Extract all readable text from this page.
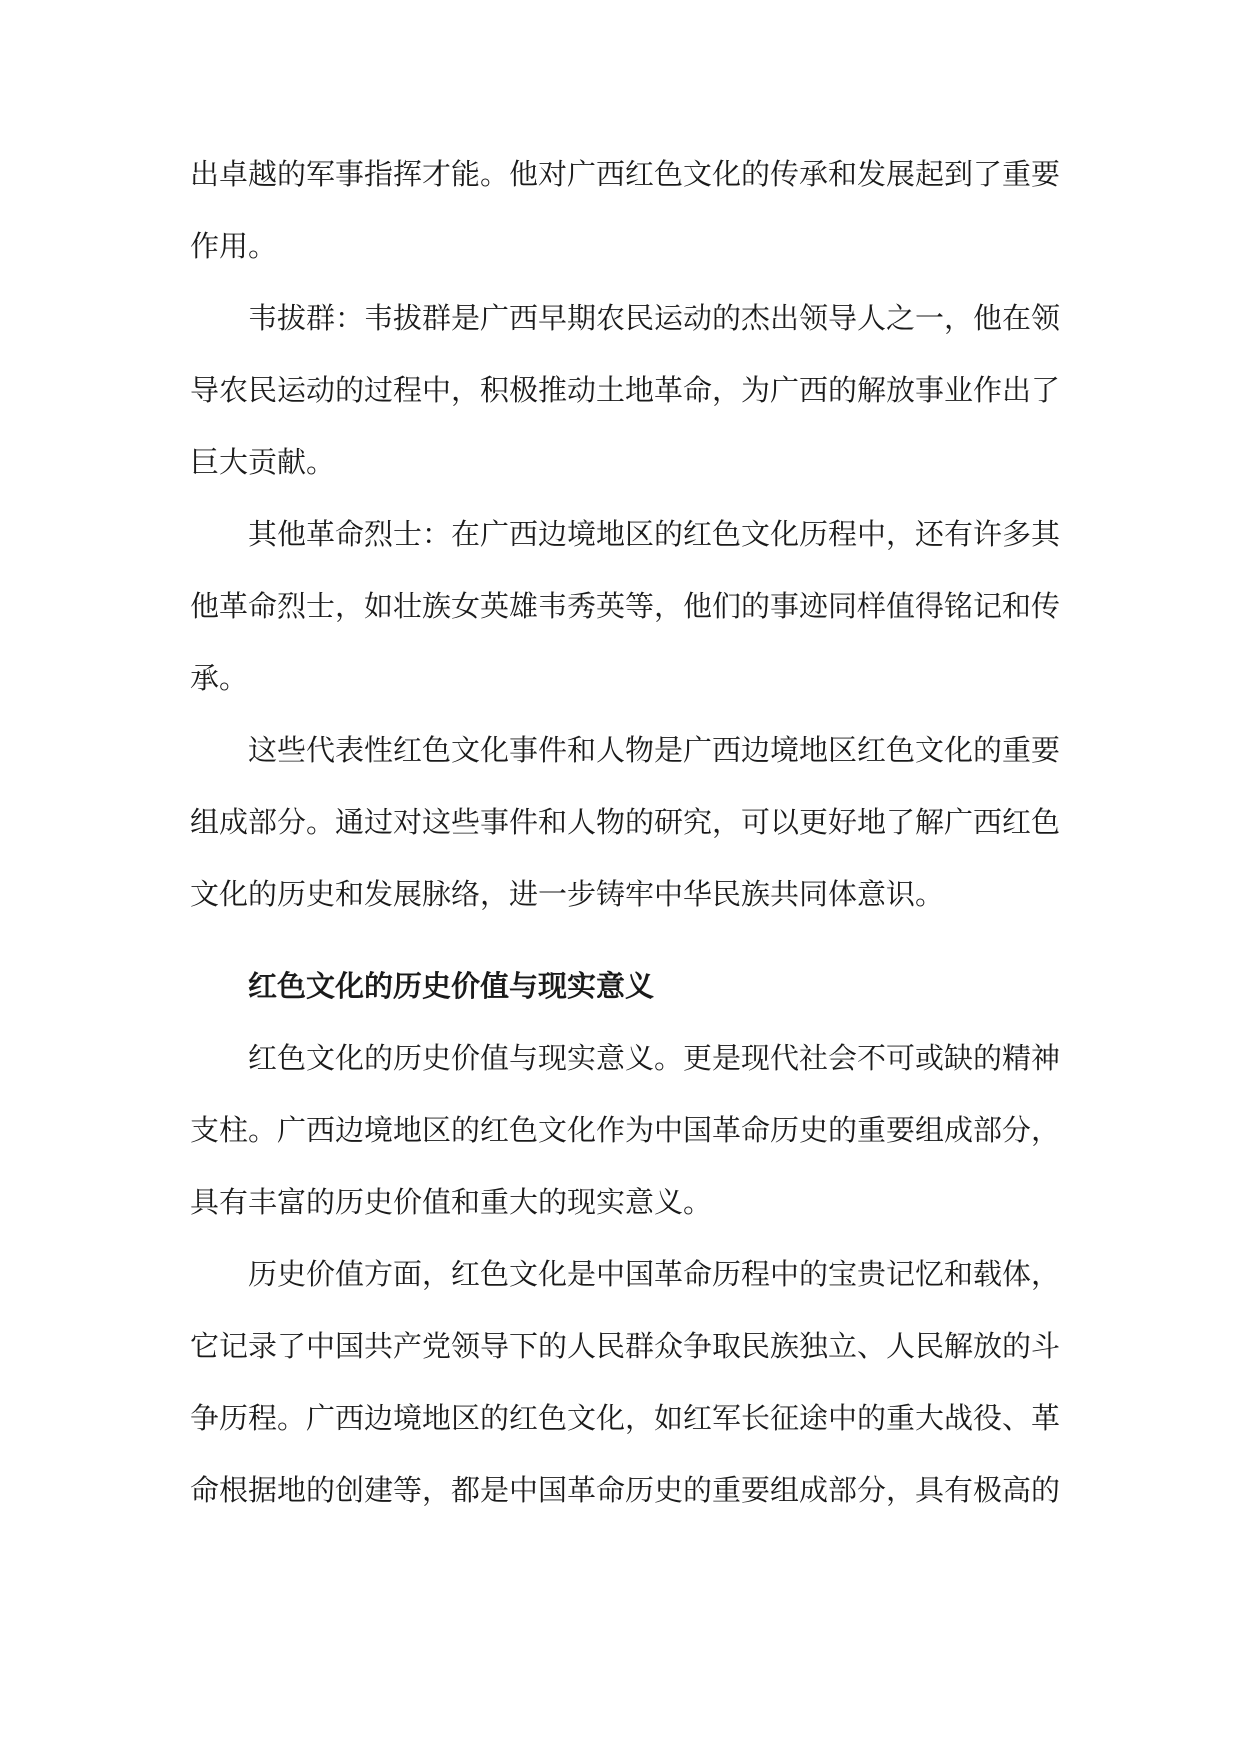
出卓越的军事指挥才能。他对广西红色文化的传承和发展起到了重要作用。

韦拔群：韦拔群是广西早期农民运动的杰出领导人之一，他在领导农民运动的过程中，积极推动土地革命，为广西的解放事业作出了巨大贡献。

其他革命烈士：在广西边境地区的红色文化历程中，还有许多其他革命烈士，如壮族女英雄韦秀英等，他们的事迹同样值得铭记和传承。

这些代表性红色文化事件和人物是广西边境地区红色文化的重要组成部分。通过对这些事件和人物的研究，可以更好地了解广西红色文化的历史和发展脉络，进一步铸牢中华民族共同体意识。

红色文化的历史价值与现实意义

红色文化的历史价值与现实意义。更是现代社会不可或缺的精神支柱。广西边境地区的红色文化作为中国革命历史的重要组成部分，具有丰富的历史价值和重大的现实意义。

历史价值方面，红色文化是中国革命历程中的宝贵记忆和载体，它记录了中国共产党领导下的人民群众争取民族独立、人民解放的斗争历程。广西边境地区的红色文化，如红军长征途中的重大战役、革命根据地的创建等，都是中国革命历史的重要组成部分，具有极高的
